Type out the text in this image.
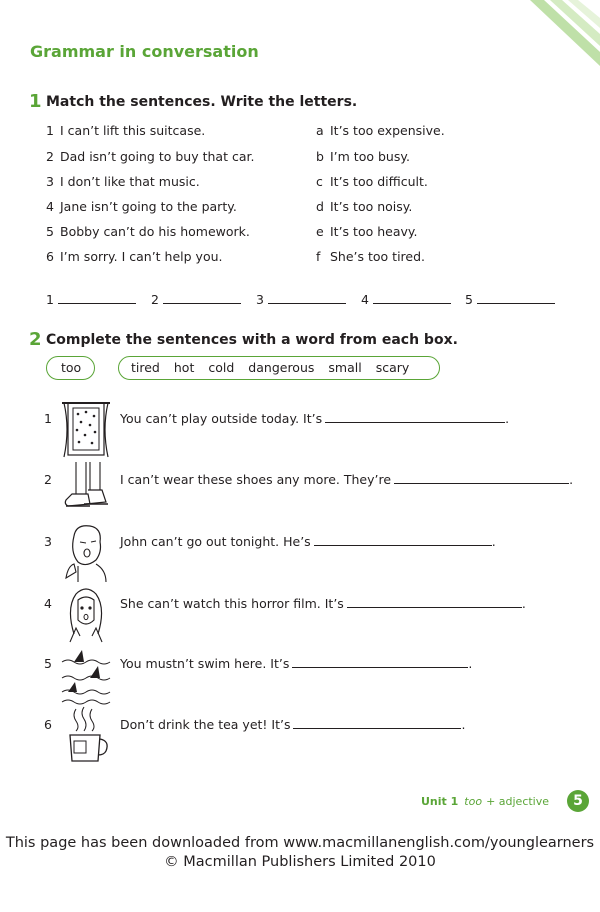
Grammar in conversation
1 Match the sentences. Write the letters.
1 I can’t lift this suitcase.
2 Dad isn’t going to buy that car.
3 I don’t like that music.
4 Jane isn’t going to the party.
5 Bobby can’t do his homework.
6 I’m sorry. I can’t help you.
a It’s too expensive.
b I’m too busy.
c It’s too difficult.
d It’s too noisy.
e It’s too heavy.
f She’s too tired.
1	2	3	4	5
2 Complete the sentences with a word from each box.
too	tired hot cold dangerous small scary
1	You can’t play outside today. It’s	.
2	I can’t wear these shoes any more. They’re	.
3	John can’t go out tonight. He’s	.
4	She can’t watch this horror film. It’s	.
5	You mustn’t swim here. It’s	.
6	Don’t drink the tea yet! It’s	.
Unit 1 too + adjective	5
This page has been downloaded from www.macmillanenglish.com/younglearners
© Macmillan Publishers Limited 2010
